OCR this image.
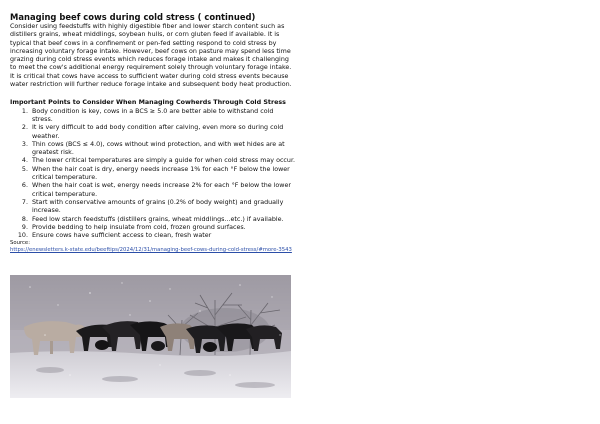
Managing beef cows during cold stress ( continued)

Consider using feedstuffs with highly digestible fiber and lower starch content such as distillers grains, wheat middlings, soybean hulls, or corn gluten feed if available. It is typical that beef cows in a confinement or pen-fed setting respond to cold stress by increasing voluntary forage intake. However, beef cows on pasture may spend less time grazing during cold stress events which reduces forage intake and makes it challenging to meet the cow's additional energy requirement solely through voluntary forage intake. It is critical that cows have access to sufficient water during cold stress events because water restriction will further reduce forage intake and subsequent body heat production.

Important Points to Consider When Managing Cowherds Through Cold Stress
1. Body condition is key, cows in a BCS ≥ 5.0 are better able to withstand cold stress.
2. It is very difficult to add body condition after calving, even more so during cold weather.
3. Thin cows (BCS ≤ 4.0), cows without wind protection, and with wet hides are at greatest risk.
4. The lower critical temperatures are simply a guide for when cold stress may occur.
5. When the hair coat is dry, energy needs increase 1% for each °F below the lower critical temperature.
6. When the hair coat is wet, energy needs increase 2% for each °F below the lower critical temperature.
7. Start with conservative amounts of grains (0.2% of body weight) and gradually increase.
8. Feed low starch feedstuffs (distillers grains, wheat middlings...etc.) if available.
9. Provide bedding to help insulate from cold, frozen ground surfaces.
10. Ensure cows have sufficient access to clean, fresh water
Source:
https://enewsletters.k-state.edu/beeftips/2024/12/31/managing-beef-cows-during-cold-stress/#more-3543
